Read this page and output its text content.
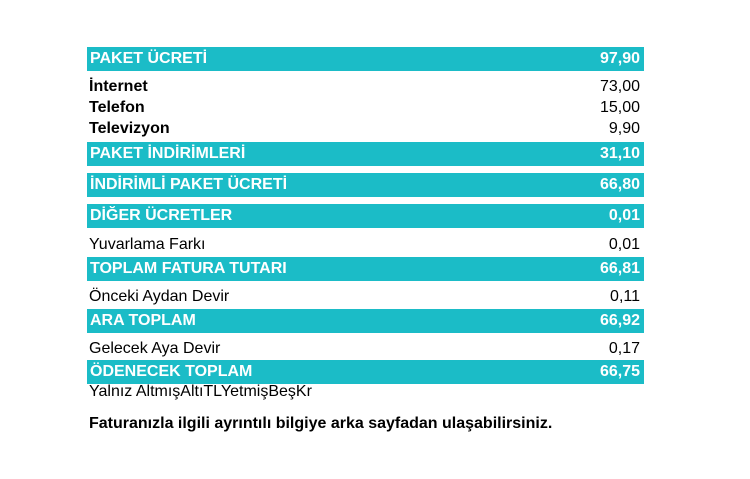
PAKET ÜCRETİ	97,90
İnternet	73,00
Telefon	15,00
Televizyon	9,90
PAKET İNDİRİMLERİ	31,10
İNDİRİMLİ PAKET ÜCRETİ	66,80
DİĞER ÜCRETLER	0,01
Yuvarlama Farkı	0,01
TOPLAM FATURA TUTARI	66,81
Önceki Aydan Devir	0,11
ARA TOPLAM	66,92
Gelecek Aya Devir	0,17
ÖDENECEK TOPLAM	66,75
Yalnız AltmışAltıTLYetmişBeşKr
Faturanızla ilgili ayrıntılı bilgiye arka sayfadan ulaşabilirsiniz.
